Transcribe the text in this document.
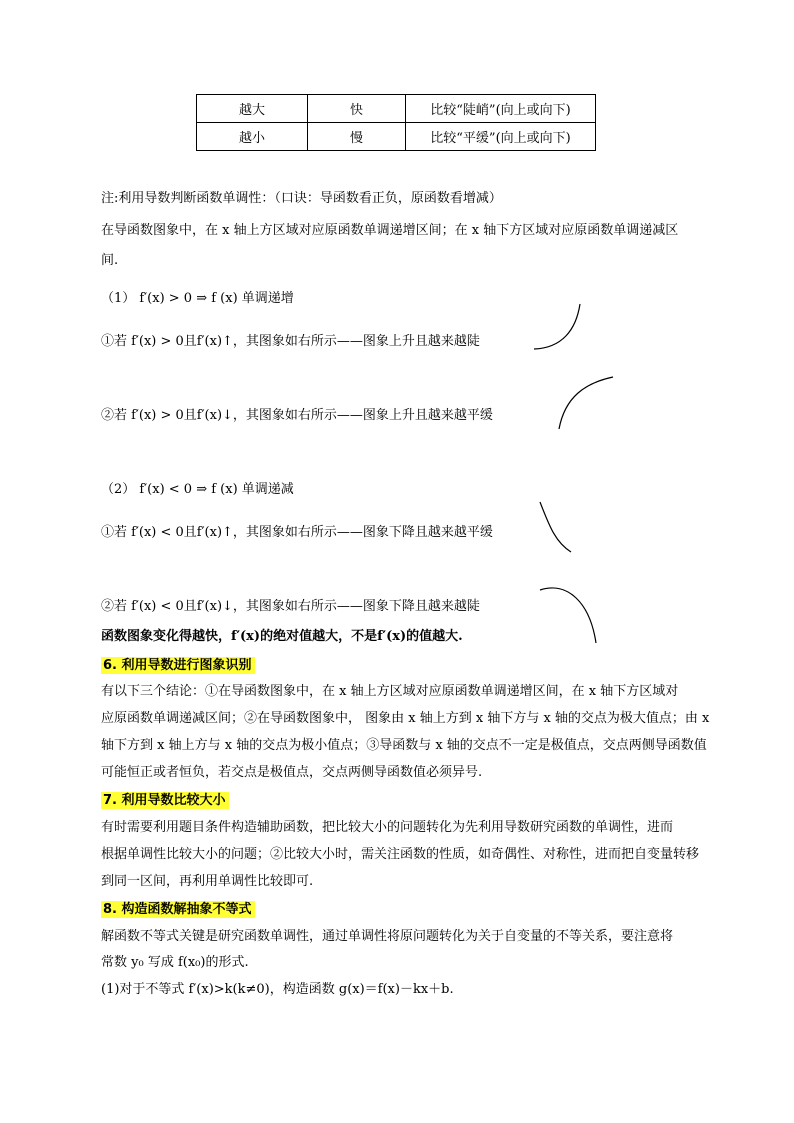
越大	快	比较“陡峭”(向上或向下)
越小	慢	比较“平缓”(向上或向下)
注:利用导数判断函数单调性：（口诀：导函数看正负，原函数看增减）
在导函数图象中，在 x 轴上方区域对应原函数单调递增区间；在 x 轴下方区域对应原函数单调递减区
间.
（1） f′(x) > 0 ⇒ f (x) 单调递增
①若 f′(x) > 0且f′(x)↑，其图象如右所示——图象上升且越来越陡
②若 f′(x) > 0且f′(x)↓，其图象如右所示——图象上升且越来越平缓
（2） f′(x) < 0 ⇒ f (x) 单调递减
①若 f′(x) < 0且f′(x)↑，其图象如右所示——图象下降且越来越平缓
②若 f′(x) < 0且f′(x)↓，其图象如右所示——图象下降且越来越陡
函数图象变化得越快，f′(x)的绝对值越大，不是f′(x)的值越大.
6. 利用导数进行图象识别
有以下三个结论：①在导函数图象中，在 x 轴上方区域对应原函数单调递增区间，在 x 轴下方区域对
应原函数单调递减区间；②在导函数图象中， 图象由 x 轴上方到 x 轴下方与 x 轴的交点为极大值点；由 x
轴下方到 x 轴上方与 x 轴的交点为极小值点；③导函数与 x 轴的交点不一定是极值点，交点两侧导函数值
可能恒正或者恒负，若交点是极值点，交点两侧导函数值必须异号.
7. 利用导数比较大小
有时需要利用题目条件构造辅助函数，把比较大小的问题转化为先利用导数研究函数的单调性，进而
根据单调性比较大小的问题；②比较大小时，需关注函数的性质，如奇偶性、对称性，进而把自变量转移
到同一区间，再利用单调性比较即可.
8. 构造函数解抽象不等式
解函数不等式关键是研究函数单调性，通过单调性将原问题转化为关于自变量的不等关系，要注意将
常数 y₀ 写成 f(x₀)的形式.
(1)对于不等式 f′(x)>k(k≠0)，构造函数 g(x)＝f(x)－kx＋b.
